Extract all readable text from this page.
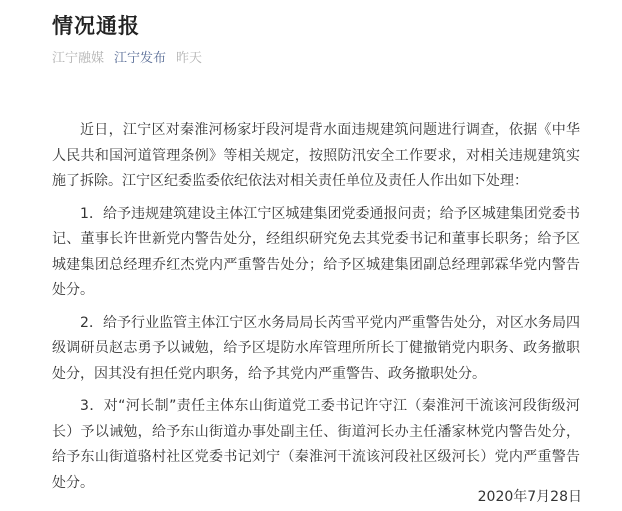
情况通报
江宁融媒 江宁发布 昨天

近日，江宁区对秦淮河杨家圩段河堤背水面违规建筑问题进行调查，依据《中华人民共和国河道管理条例》等相关规定，按照防汛安全工作要求，对相关违规建筑实施了拆除。江宁区纪委监委依纪依法对相关责任单位及责任人作出如下处理：

1．给予违规建筑建设主体江宁区城建集团党委通报问责；给予区城建集团党委书记、董事长许世新党内警告处分，经组织研究免去其党委书记和董事长职务；给予区城建集团总经理乔红杰党内严重警告处分；给予区城建集团副总经理郭霖华党内警告处分。

2．给予行业监管主体江宁区水务局局长芮雪平党内严重警告处分，对区水务局四级调研员赵志勇予以诫勉，给予区堤防水库管理所所长丁健撤销党内职务、政务撤职处分，因其没有担任党内职务，给予其党内严重警告、政务撤职处分。

3．对“河长制”责任主体东山街道党工委书记许守江（秦淮河干流该河段街级河长）予以诫勉，给予东山街道办事处副主任、街道河长办主任潘家林党内警告处分，给予东山街道骆村社区党委书记刘宁（秦淮河干流该河段社区级河长）党内严重警告处分。

2020年7月28日
